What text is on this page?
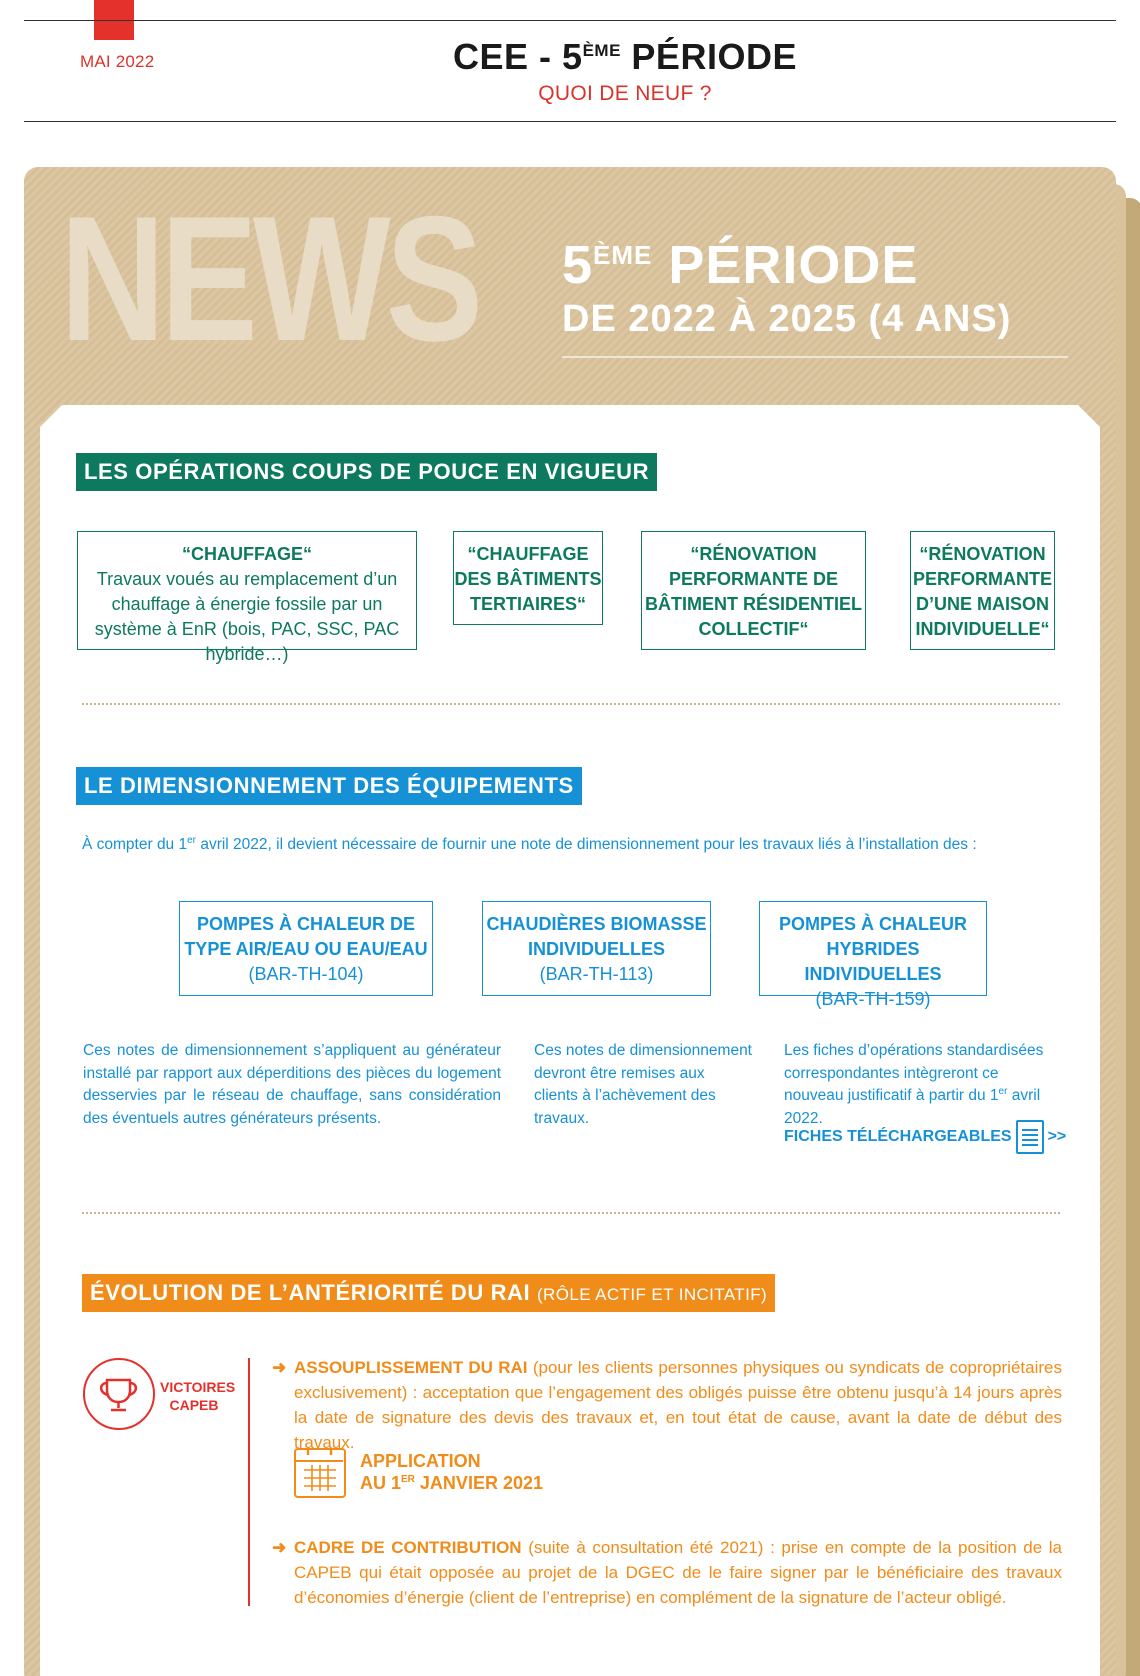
MAI 2022	CEE - 5ÈME PÉRIODE
QUOI DE NEUF ?
NEWS 5ÈME PÉRIODE
DE 2022 À 2025 (4 ANS)
LES OPÉRATIONS COUPS DE POUCE EN VIGUEUR
“CHAUFFAGE“
Travaux voués au remplacement d’un chauffage à énergie fossile par un système à EnR (bois, PAC, SSC, PAC hybride…)
“CHAUFFAGE DES BÂTIMENTS TERTIAIRES“
“RÉNOVATION PERFORMANTE DE BÂTIMENT RÉSIDENTIEL COLLECTIF“
“RÉNOVATION PERFORMANTE D’UNE MAISON INDIVIDUELLE“
LE DIMENSIONNEMENT DES ÉQUIPEMENTS
À compter du 1er avril 2022, il devient nécessaire de fournir une note de dimensionnement pour les travaux liés à l’installation des :
POMPES À CHALEUR DE TYPE AIR/EAU OU EAU/EAU
(BAR-TH-104)
CHAUDIÈRES BIOMASSE INDIVIDUELLES
(BAR-TH-113)
POMPES À CHALEUR HYBRIDES INDIVIDUELLES
(BAR-TH-159)
Ces notes de dimensionnement s’appliquent au générateur installé par rapport aux déperditions des pièces du logement desservies par le réseau de chauffage, sans considération des éventuels autres générateurs présents.
Ces notes de dimensionnement devront être remises aux clients à l’achèvement des travaux.
Les fiches d’opérations standardisées correspondantes intègreront ce nouveau justificatif à partir du 1er avril 2022.
FICHES TÉLÉCHARGEABLES >>
ÉVOLUTION DE L’ANTÉRIORITÉ DU RAI (RÔLE ACTIF ET INCITATIF)
VICTOIRES
CAPEB
➜ ASSOUPLISSEMENT DU RAI (pour les clients personnes physiques ou syndicats de copropriétaires exclusivement) : acceptation que l’engagement des obligés puisse être obtenu jusqu’à 14 jours après la date de signature des devis des travaux et, en tout état de cause, avant la date de début des travaux.
APPLICATION
AU 1ER JANVIER 2021
➜ CADRE DE CONTRIBUTION (suite à consultation été 2021) : prise en compte de la position de la CAPEB qui était opposée au projet de la DGEC de le faire signer par le bénéficiaire des travaux d’économies d’énergie (client de l’entreprise) en complément de la signature de l’acteur obligé.
